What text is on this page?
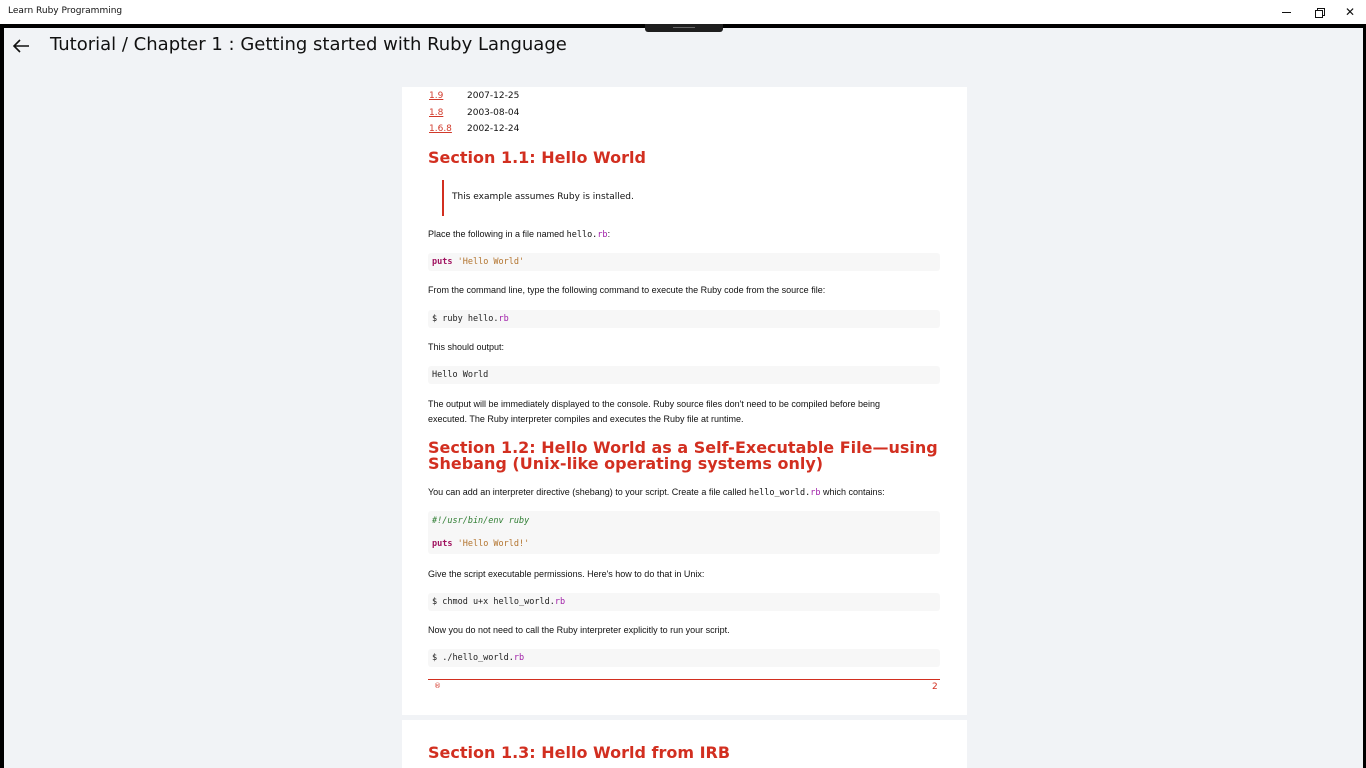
Learn Ruby Programming	✕
Tutorial / Chapter 1 : Getting started with Ruby Language
1.9	2007-12-25
1.8	2003-08-04
1.6.8	2002-12-24
Section 1.1: Hello World
This example assumes Ruby is installed.
Place the following in a file named hello.rb:
puts 'Hello World'
From the command line, type the following command to execute the Ruby code from the source file:
$ ruby hello.rb
This should output:
Hello World
The output will be immediately displayed to the console. Ruby source files don't need to be compiled before being
executed. The Ruby interpreter compiles and executes the Ruby file at runtime.
Section 1.2: Hello World as a Self-Executable File—using
Shebang (Unix-like operating systems only)
You can add an interpreter directive (shebang) to your script. Create a file called hello_world.rb which contains:
#!/usr/bin/env ruby
puts 'Hello World!'
Give the script executable permissions. Here's how to do that in Unix:
$ chmod u+x hello_world.rb
Now you do not need to call the Ruby interpreter explicitly to run your script.
$ ./hello_world.rb
®	2
Section 1.3: Hello World from IRB
